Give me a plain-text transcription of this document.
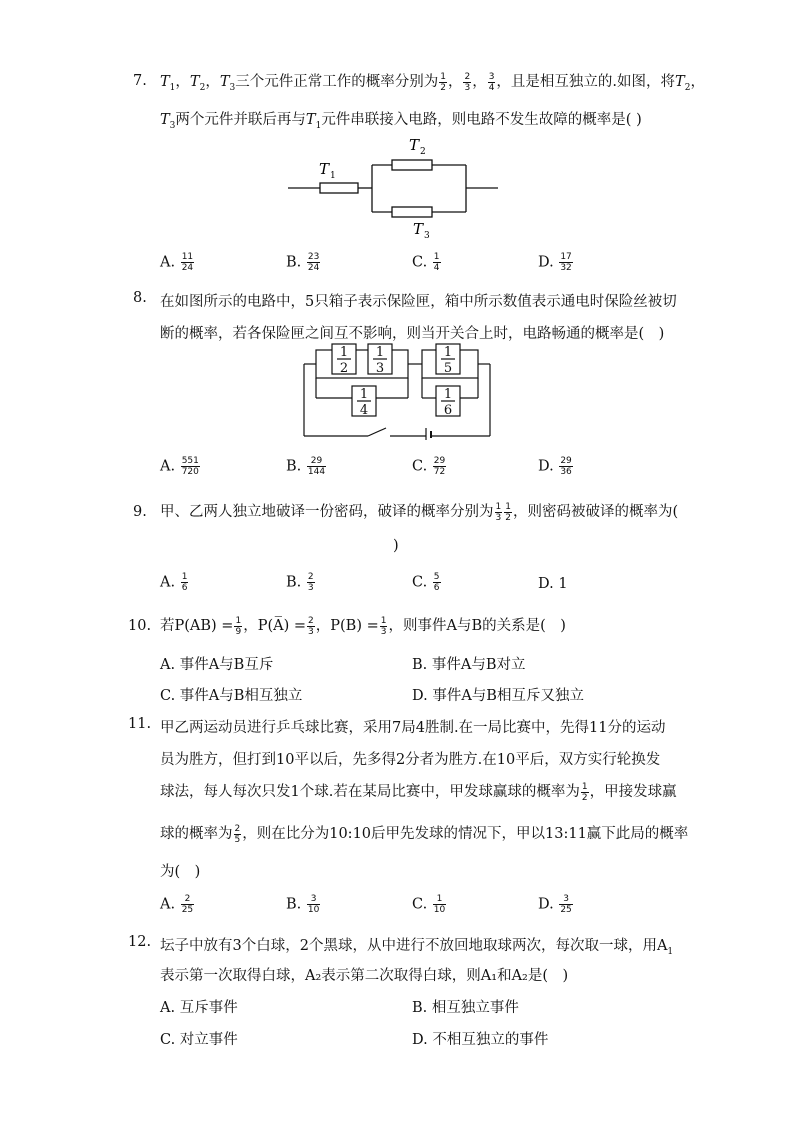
7. $T_1$，$T_2$，$T_3$三个元件正常工作的概率分别为 $\frac{1}{2}$ ， $\frac{2}{3}$ ， $\frac{3}{4}$ ，且是相互独立的.如图，将$T_2$，
$T_3$两个元件并联后再与$T_1$元件串联接入电路，则电路不发生故障的概率是( )
T 1
T 2
T 3
A. $\frac{11}{24}$	B. $\frac{23}{24}$	C. $\frac{1}{4}$	D. $\frac{17}{32}$
8. 在如图所示的电路中，5只箱子表示保险匣，箱中所示数值表示通电时保险丝被切
断的概率，若各保险匣之间互不影响，则当开关合上时，电路畅通的概率是(　)
1
2
1
3
1
4
1
5
1
6
A. $\frac{551}{720}$	B. $\frac{29}{144}$	C. $\frac{29}{72}$	D. $\frac{29}{36}$
9. 甲、乙两人独立地破译一份密码，破译的概率分别为 $\frac{1}{3} \frac{1}{2}$ ，则密码被破译的概率为(
)
A. $\frac{1}{6}$	B. $\frac{2}{3}$	C. $\frac{5}{6}$	D. 1
10. 若$P(AB) = \frac{1}{9}$ ，P(A̅) = $\frac{2}{3}$ ，$P(B) = \frac{1}{3}$ ，则事件A与B的关系是(　)
A. 事件A与B互斥	B. 事件A与B对立
C. 事件A与B相互独立	D. 事件A与B相互斥又独立
11. 甲乙两运动员进行乒乓球比赛，采用7局4胜制.在一局比赛中，先得11分的运动
员为胜方，但打到10平以后，先多得2分者为胜方.在10平后，双方实行轮换发
球法，每人每次只发1个球.若在某局比赛中，甲发球赢球的概率为 $\frac{1}{2}$ ，甲接发球赢
球的概率为 $\frac{2}{5}$ ，则在比分为10:10后甲先发球的情况下，甲以13:11赢下此局的概率
为(　)
A. $\frac{2}{25}$	B. $\frac{3}{10}$	C. $\frac{1}{10}$	D. $\frac{3}{25}$
12. 坛子中放有3个白球，2个黑球，从中进行不放回地取球两次，每次取一球，用$A_1$
表示第一次取得白球，A₂表示第二次取得白球，则A₁和A₂是(　)
A. 互斥事件	B. 相互独立事件
C. 对立事件	D. 不相互独立的事件
